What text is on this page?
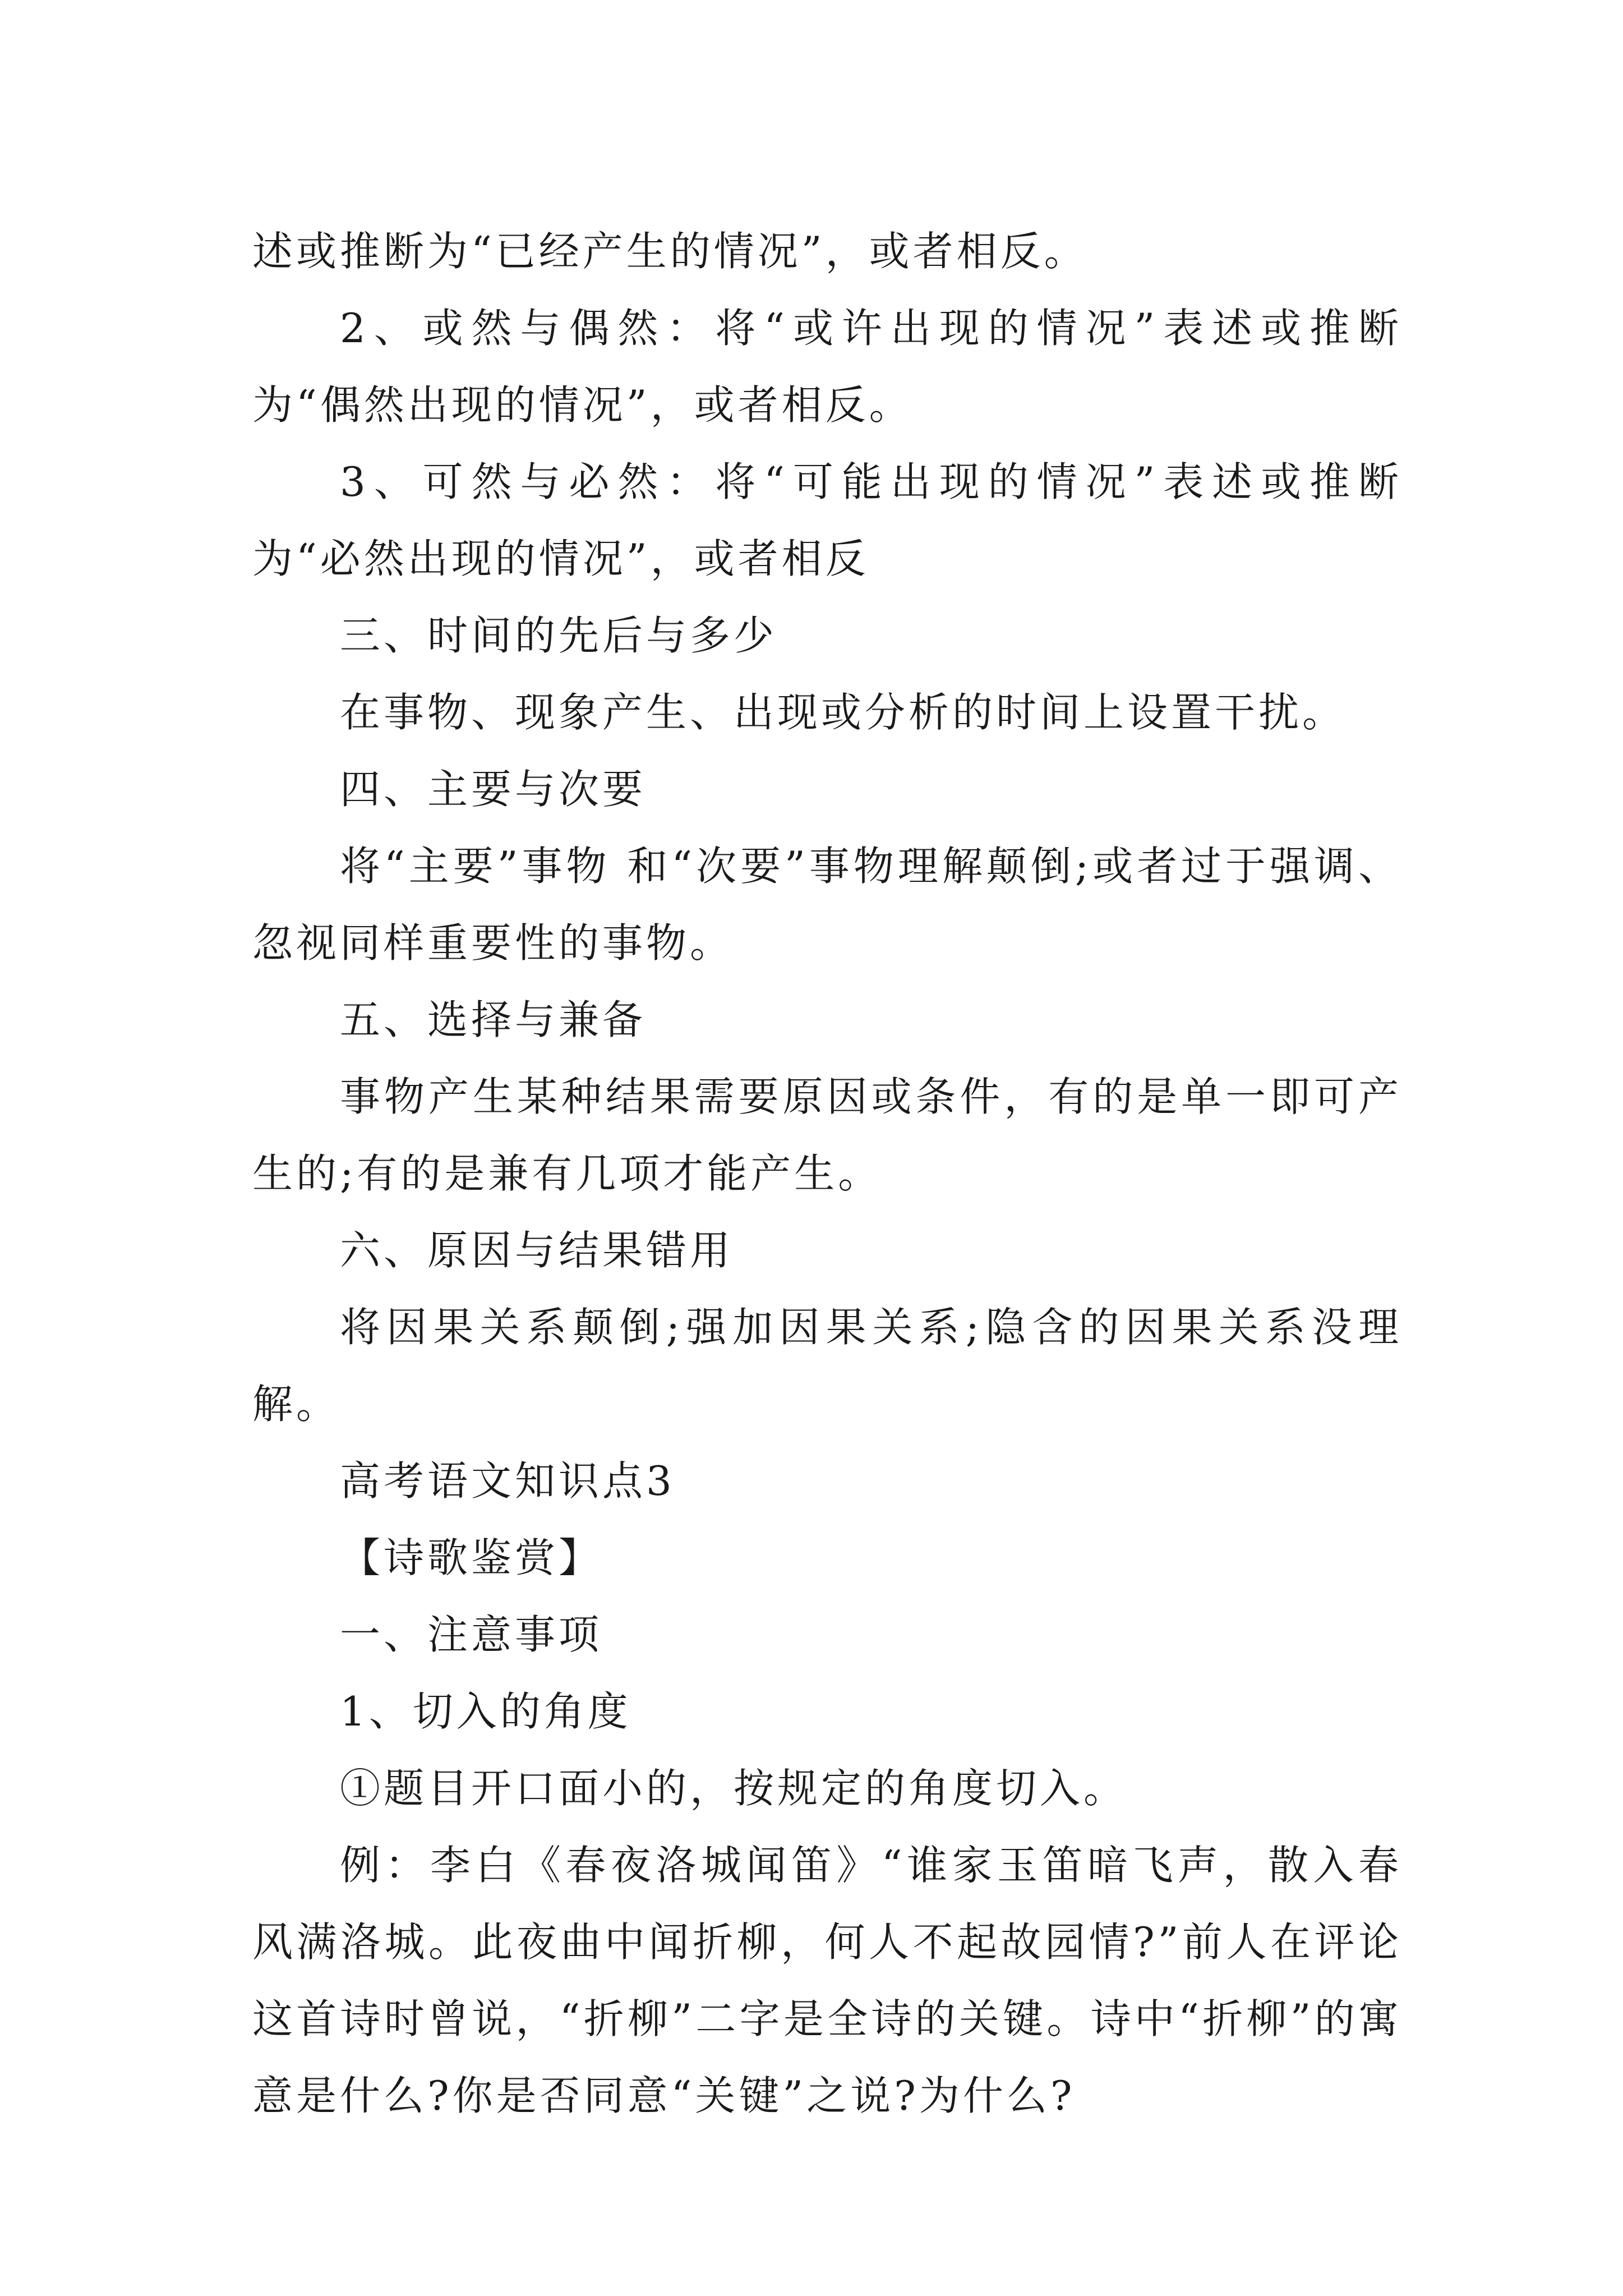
述或推断为“已经产生的情况”，或者相反。

2、或然与偶然：将“或许出现的情况”表述或推断为“偶然出现的情况”，或者相反。

3、可然与必然：将“可能出现的情况”表述或推断为“必然出现的情况”，或者相反

三、时间的先后与多少

在事物、现象产生、出现或分析的时间上设置干扰。

四、主要与次要

将“主要”事物 和“次要”事物理解颠倒;或者过于强调、忽视同样重要性的事物。

五、选择与兼备

事物产生某种结果需要原因或条件，有的是单一即可产生的;有的是兼有几项才能产生。

六、原因与结果错用

将因果关系颠倒;强加因果关系;隐含的因果关系没理解。

高考语文知识点3

【诗歌鉴赏】

一、注意事项

1、切入的角度

①题目开口面小的，按规定的角度切入。

例：李白《春夜洛城闻笛》“谁家玉笛暗飞声，散入春风满洛城。此夜曲中闻折柳，何人不起故园情?”前人在评论这首诗时曾说，“折柳”二字是全诗的关键。诗中“折柳”的寓意是什么?你是否同意“关键”之说?为什么?
